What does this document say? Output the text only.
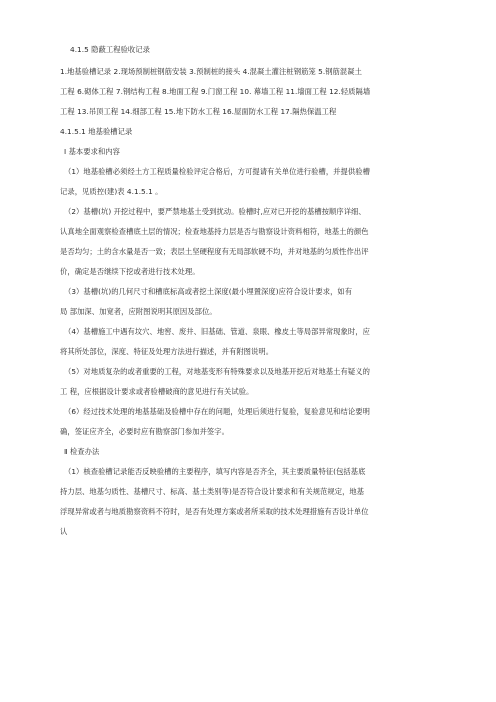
4.1.5 隐蔽工程验收记录
1.地基验槽记录 2.现场预制桩钢筋安装 3.预制桩的接头 4.混凝土灌注桩钢筋笼 5.钢筋混凝土
工程 6.砌体工程 7.钢结构工程 8.地面工程 9.门窗工程 10. 幕墙工程 11.墙面工程 12.轻质隔墙
工程 13.吊顶工程 14.细部工程 15.地下防水工程 16.屋面防水工程 17.隔热保温工程
4.1.5.1 地基验槽记录
Ⅰ 基本要求和内容
（1）地基验槽必须经土方工程质量检验评定合格后，方可提请有关单位进行验槽，并提供验槽
记录，见质控(建)表 4.1.5.1 。
（2）基槽(坑) 开挖过程中，要严禁地基土受到扰动。验槽时,应对已开挖的基槽按顺序详细、
认真地全面观察检查槽底土层的情况；检查地基持力层是否与勘察设计资料相符，地基土的颜色
是否均匀；土的含水量是否一致；表层土坚硬程度有无局部软硬不均，并对地基的匀质性作出评
价，确定是否继续下挖或者进行技术处理。
（3）基槽(坑)的几何尺寸和槽底标高或者挖土深度(最小埋置深度)应符合设计要求，如有
局 部加深、加宽者，应附图说明其原因及部位。
（4）基槽施工中遇有坟穴、地窖、废井、旧基础、管道、泉眼、橡皮土等局部异常现象时，应
将其所处部位，深度、特征及处理方法进行描述，并有附图说明。
（5）对地质复杂的或者重要的工程，对地基变形有特殊要求以及地基开挖后对地基土有疑义的
工 程，应根据设计要求或者验槽破商的意见进行有关试验。
（6）经过技术处理的地基基础及验槽中存在的问题，处理后须进行复验，复验意见和结论要明
确，签证应齐全，必要时应有勘察部门参加并签字。
Ⅱ 检查办法
（1）核查验槽记录能否反映验槽的主要程序，填写内容是否齐全，其主要质量特征(包括基底
持力层、地基匀质性、基槽尺寸、标高、基土类别等)是否符合设计要求和有关规范规定，地基
浮现异常或者与地质勘察资料不符时，是否有处理方案或者所采取的技术处理措施有否设计单位
认
